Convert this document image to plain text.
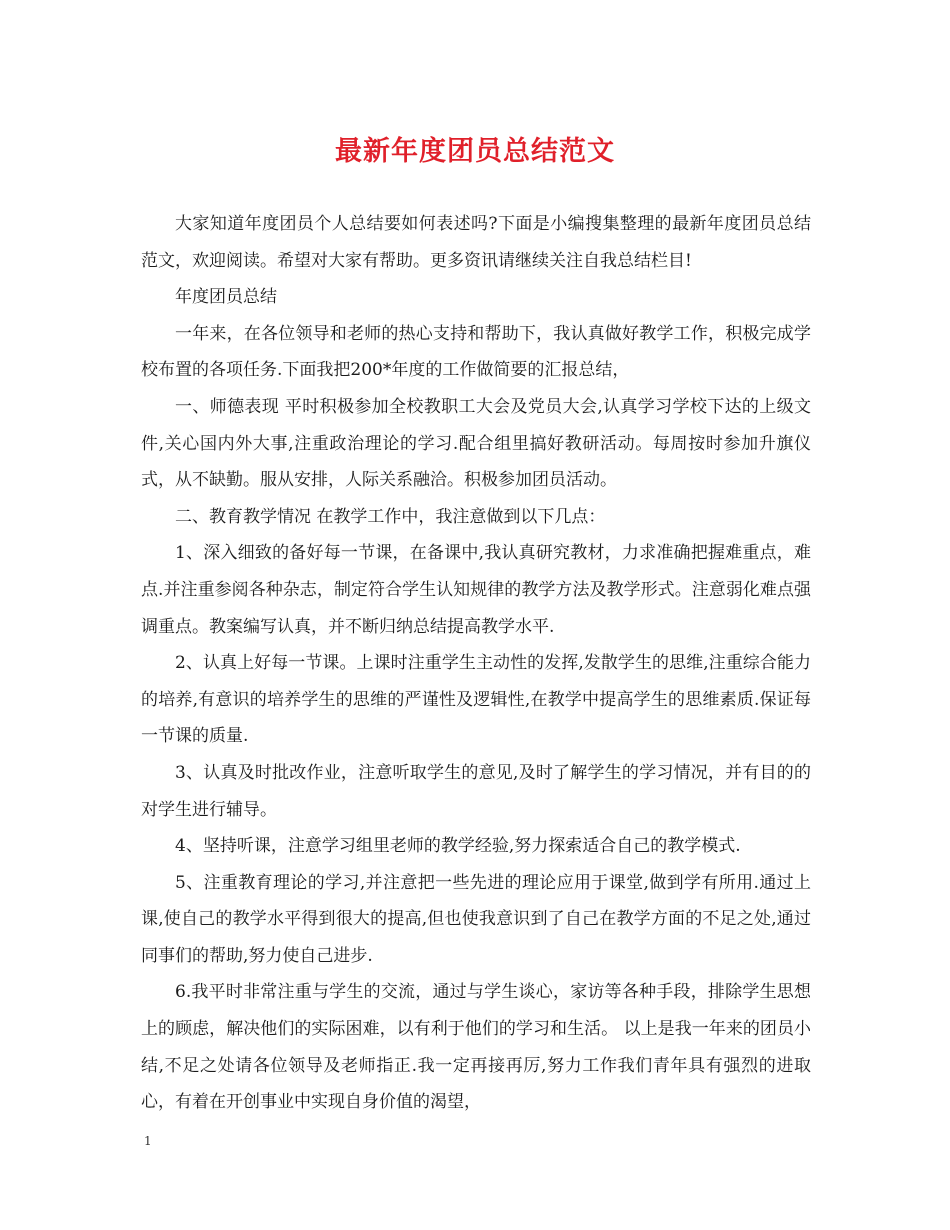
最新年度团员总结范文

大家知道年度团员个人总结要如何表述吗?下面是小编搜集整理的最新年度团员总结范文，欢迎阅读。希望对大家有帮助。更多资讯请继续关注自我总结栏目!

年度团员总结

一年来，在各位领导和老师的热心支持和帮助下，我认真做好教学工作，积极完成学校布置的各项任务.下面我把200*年度的工作做简要的汇报总结，

一、师德表现 平时积极参加全校教职工大会及党员大会,认真学习学校下达的上级文件,关心国内外大事,注重政治理论的学习.配合组里搞好教研活动。每周按时参加升旗仪式，从不缺勤。服从安排，人际关系融洽。积极参加团员活动。

二、教育教学情况 在教学工作中，我注意做到以下几点：

1、深入细致的备好每一节课，在备课中,我认真研究教材，力求准确把握难重点，难点.并注重参阅各种杂志，制定符合学生认知规律的教学方法及教学形式。注意弱化难点强调重点。教案编写认真，并不断归纳总结提高教学水平.

2、认真上好每一节课。上课时注重学生主动性的发挥,发散学生的思维,注重综合能力的培养,有意识的培养学生的思维的严谨性及逻辑性,在教学中提高学生的思维素质.保证每一节课的质量.

3、认真及时批改作业，注意听取学生的意见,及时了解学生的学习情况，并有目的的对学生进行辅导。

4、坚持听课，注意学习组里老师的教学经验,努力探索适合自己的教学模式.

5、注重教育理论的学习,并注意把一些先进的理论应用于课堂,做到学有所用.通过上课,使自己的教学水平得到很大的提高,但也使我意识到了自己在教学方面的不足之处,通过同事们的帮助,努力使自己进步.

6.我平时非常注重与学生的交流，通过与学生谈心，家访等各种手段，排除学生思想上的顾虑，解决他们的实际困难，以有利于他们的学习和生活。 以上是我一年来的团员小结,不足之处请各位领导及老师指正.我一定再接再厉,努力工作我们青年具有强烈的进取心，有着在开创事业中实现自身价值的渴望，

1
